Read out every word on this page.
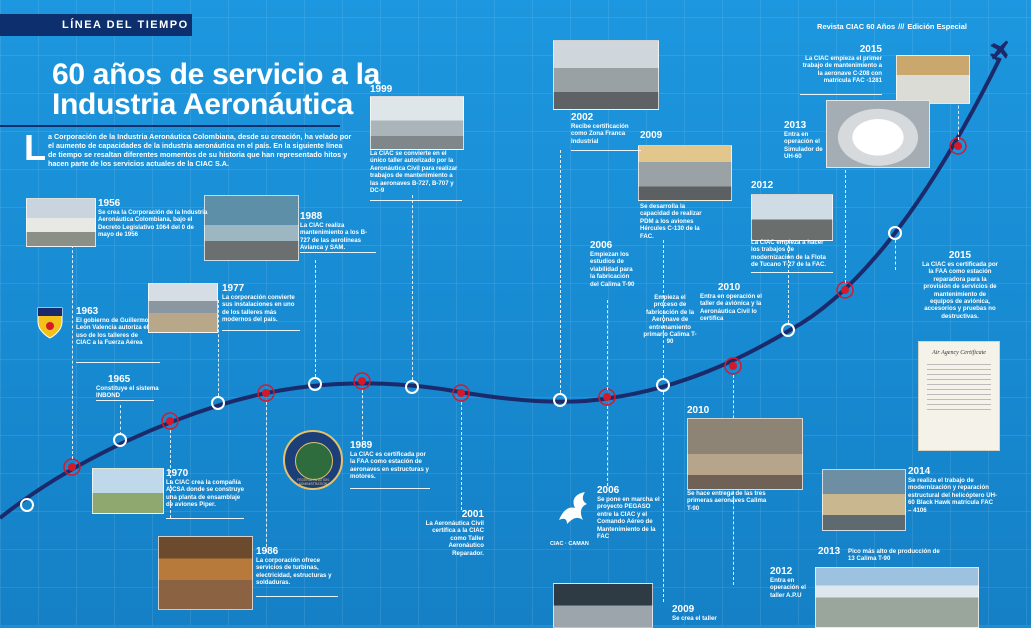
LÍNEA DEL TIEMPO	Revista CIAC 60 Años /// Edición Especial
60 años de servicio a la
Industria Aeronáutica
L a Corporación de la Industria Aeronáutica Colombiana, desde su creación, ha velado por el aumento de capacidades de la industria aeronáutica en el país. En la siguiente línea de tiempo se resaltan diferentes momentos de su historia que han representado hitos y hacen parte de los servicios actuales de la CIAC S.A.
Air Agency Certificate
FEDERAL AVIATION ADMINISTRATION
CIAC · CAMAN
1956
Se crea la Corporación de la Industria Aeronáutica Colombiana, bajo el Decreto Legislativo 1064 del 0 de mayo de 1956
1963
El gobierno de Guillermo León Valencia autoriza el uso de los talleres de CIAC a la Fuerza Aérea
1965
Constituye el sistema INBOND
1970
La CIAC crea la compañía AICSA donde se construye una planta de ensamblaje de aviones Piper.
1977
La corporación convierte sus instalaciones en uno de los talleres más modernos del país.
1986
La corporación ofrece servicios de turbinas, electricidad, estructuras y soldaduras.
1988
La CIAC realiza mantenimiento a los B-727 de las aerolíneas Avianca y SAM.
1989
La CIAC es certificada por la FAA como estación de aeronaves en estructuras y motores.
1999
La CIAC se convierte en el único taller autorizado por la Aeronáutica Civil para realizar trabajos de mantenimiento a las aeronaves B-727, B-707 y DC-9
2001
La Aeronáutica Civil certifica a la CIAC como Taller Aeronáutico Reparador.
2002
Recibe certificación como Zona Franca Industrial
2006
Empiezan los estudios de viabilidad para la fabricación del Calima T-90
Empieza el proceso de fabricación de la Aeronave de entrenamiento primario Calima T-90
2006
Se pone en marcha el proyecto PEGASO entre la CIAC y el Comando Aéreo de Mantenimiento de la FAC
2009
Se desarrolla la capacidad de realizar PDM a los aviones Hércules C-130 de la FAC.
2009
Se crea el taller
2010
Entra en operación el taller de aviónica y la Aeronáutica Civil lo certifica
2010
Se hace entrega de las tres primeras aeronaves Calima T-90
2012
La CIAC empieza a hacer los trabajos de modernización de la Flota de Tucano T-27 de la FAC.
2012
Entra en operación el taller A.P.U
2013
Entra en operación el Simulador de UH-60
2013 Pico más alto de producción de 13 Calima T-90
2014
Se realiza el trabajo de modernización y reparación estructural del helicóptero UH-60 Black Hawk matrícula FAC – 4106
2015
La CIAC empieza el primer trabajo de mantenimiento a la aeronave C-208 con matrícula FAC -1281
2015
La CIAC es certificada por la FAA como estación reparadora para la provisión de servicios de mantenimiento de equipos de aviónica, accesorios y pruebas no destructivas.
